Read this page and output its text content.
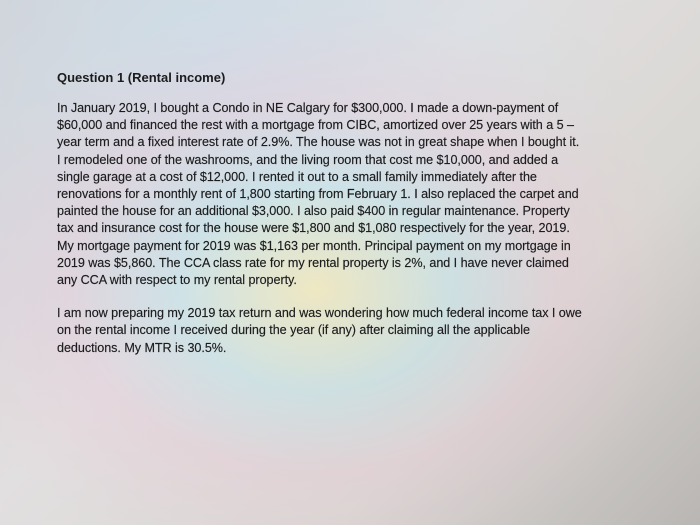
Question 1 (Rental income)

In January 2019, I bought a Condo in NE Calgary for $300,000. I made a down-payment of

$60,000 and financed the rest with a mortgage from CIBC, amortized over 25 years with a 5 –

year term and a fixed interest rate of 2.9%. The house was not in great shape when I bought it.

I remodeled one of the washrooms, and the living room that cost me $10,000, and added a

single garage at a cost of $12,000. I rented it out to a small family immediately after the

renovations for a monthly rent of 1,800 starting from February 1. I also replaced the carpet and

painted the house for an additional $3,000. I also paid $400 in regular maintenance. Property

tax and insurance cost for the house were $1,800 and $1,080 respectively for the year, 2019.

My mortgage payment for 2019 was $1,163 per month. Principal payment on my mortgage in

2019 was $5,860. The CCA class rate for my rental property is 2%, and I have never claimed

any CCA with respect to my rental property.

I am now preparing my 2019 tax return and was wondering how much federal income tax I owe

on the rental income I received during the year (if any) after claiming all the applicable

deductions. My MTR is 30.5%.
